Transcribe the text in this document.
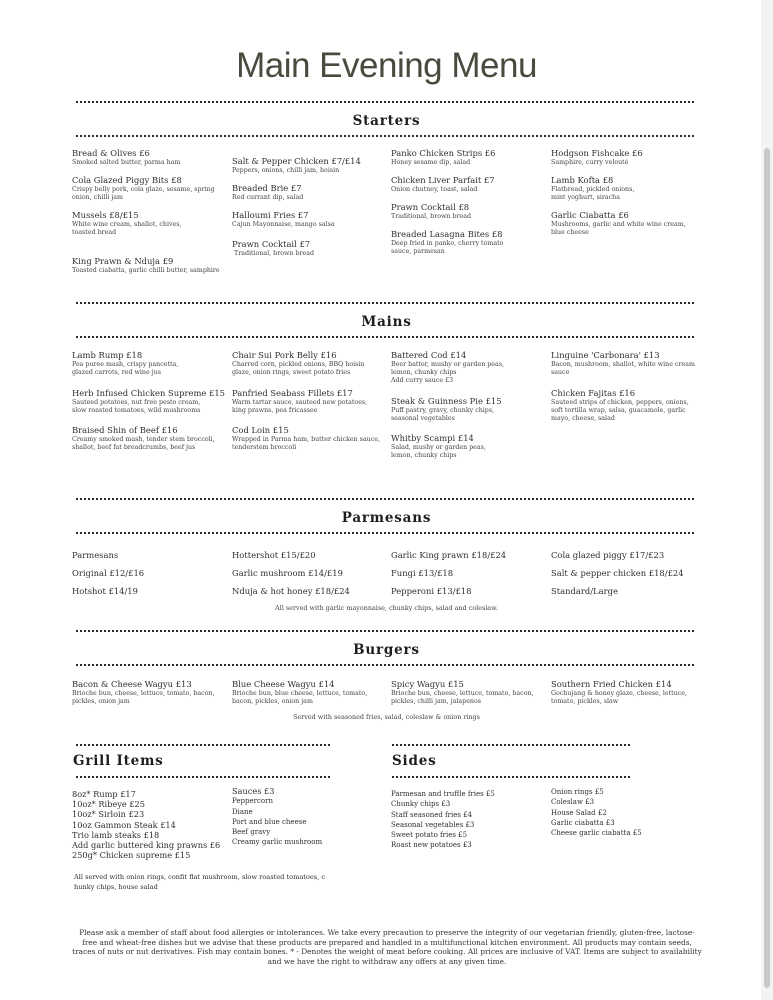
Main Evening Menu
Starters
Bread & Olives £6
Smoked salted butter, parma ham
Cola Glazed Piggy Bits £8
Crispy belly pork, cola glaze, sesame, spring onion, chilli jam
Mussels £8/£15
White wine cream, shallot, chives, toasted bread
King Prawn & Nduja £9
Toasted ciabatta, garlic chilli butter, samphire
Salt & Pepper Chicken £7/£14
Peppers, onions, chilli jam, hoisin
Breaded Brie £7
Red currant dip, salad
Halloumi Fries £7
Cajun Mayonnaise, mango salsa
Prawn Cocktail £7
Traditional, brown bread
Panko Chicken Strips £6
Honey sesame dip, salad
Chicken Liver Parfait £7
Onion chutney, toast, salad
Prawn Cocktail £8
Traditional, brown bread
Breaded Lasagna Bites £8
Deep fried in panko, cherry tomato sauce, parmesan
Hodgson Fishcake £6
Samphire, curry velouté
Lamb Kofta £8
Flatbread, pickled onions, mint yoghurt, siracha
Garlic Ciabatta £6
Mushrooms, garlic and white wine cream, blue cheese
Mains
Lamb Rump £18
Pea puree mash, crispy pancetta, glazed carrots, red wine jus
Herb Infused Chicken Supreme £15
Sauteed potatoes, nut free pesto cream, slow roasted tomatoes, wild mushrooms
Braised Shin of Beef £16
Creamy smoked mash, tender stem broccoli, shallot, beef fat breadcrumbs, beef jus
Chair Sui Pork Belly £16
Charred corn, pickled onions, BBQ hoisin glaze, onion rings, sweet potato fries
Panfried Seabass Fillets £17
Warm tartar sauce, sauteed new potatoes, king prawns, pea fricassee
Cod Loin £15
Wrapped in Parma ham, butter chicken sauce, tenderstem broccoli
Battered Cod £14
Beer batter, mushy or garden peas, lemon, chunky chips
Add curry sauce £3
Steak & Guinness Pie £15
Puff pastry, gravy, chunky chips, seasonal vegetables
Whitby Scampi £14
Salad, mushy or garden peas, lemon, chunky chips
Linguine 'Carbonara' £13
Bacon, mushroom, shallot, white wine cream sauce
Chicken Fajitas £16
Sauteed strips of chicken, peppers, onions, soft tortilla wrap, salsa, guacamole, garlic mayo, cheese, salad
Parmesans
Parmesans
Original £12/£16
Hotshot £14/19
Hottershot £15/£20
Garlic mushroom £14/£19
Nduja & hot honey £18/£24
Garlic King prawn £18/£24
Fungi £13/£18
Pepperoni £13/£18
Cola glazed piggy £17/£23
Salt & pepper chicken £18/£24
Standard/Large
All served with garlic mayonnaise, chunky chips, salad and coleslaw.
Burgers
Bacon & Cheese Wagyu £13
Brioche bun, cheese, lettuce, tomato, bacon, pickles, onion jam
Blue Cheese Wagyu £14
Brioche bun, blue cheese, lettuce, tomato, bacon, pickles, onion jam
Spicy Wagyu £15
Brioche bun, cheese, lettuce, tomato, bacon, pickles, chilli jam, jalapenos
Southern Fried Chicken £14
Gochujang & honey glaze, cheese, lettuce, tomato, pickles, slaw
Served with seasoned fries, salad, coleslaw & onion rings
Grill Items
8oz* Rump £17
10oz* Ribeye £25
10oz* Sirloin £23
10oz Gammon Steak £14
Trio lamb steaks £18
Add garlic buttered king prawns £6
250g* Chicken supreme £15
Sauces £3
Peppercorn
Diane
Port and blue cheese
Beef gravy
Creamy garlic mushroom
All served with onion rings, confit flat mushroom, slow roasted tomatoes, c
hunky chips, house salad
Sides
Parmesan and truffle fries £5
Chunky chips £3
Staff seasoned fries £4
Seasonal vegetables £3
Sweet potato fries £5
Roast new potatoes £3
Onion rings £5
Coleslaw £3
House Salad £2
Garlic ciabatta £3
Cheese garlic ciabatta £5
Please ask a member of staff about food allergies or intolerances. We take every precaution to preserve the integrity of our vegetarian friendly, gluten-free, lactose-free and wheat-free dishes but we advise that these products are prepared and handled in a multifunctional kitchen environment. All products may contain seeds, traces of nuts or nut derivatives. Fish may contain bones. * - Denotes the weight of meat before cooking. All prices are inclusive of VAT. Items are subject to availability and we have the right to withdraw any offers at any given time.
